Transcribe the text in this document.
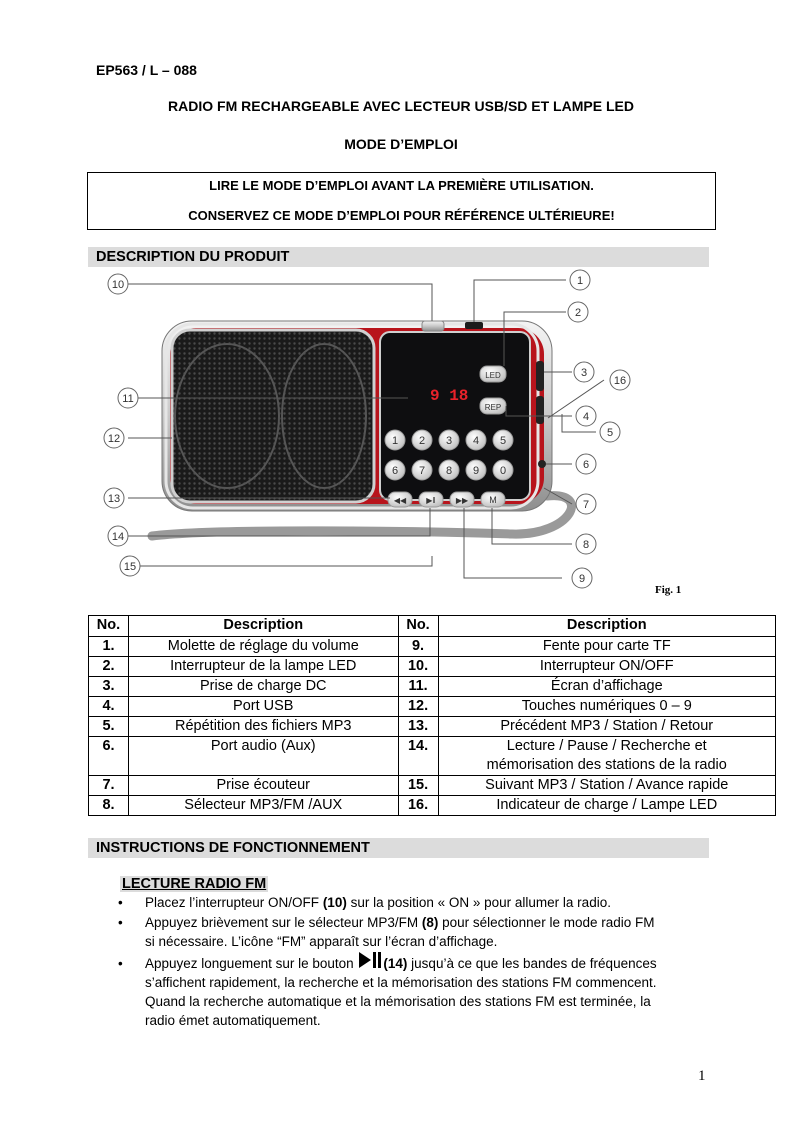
EP563 / L – 088
RADIO FM RECHARGEABLE AVEC LECTEUR USB/SD ET LAMPE LED
MODE D’EMPLOI
LIRE LE MODE D’EMPLOI AVANT LA PREMIÈRE UTILISATION.
CONSERVEZ CE MODE D’EMPLOI POUR RÉFÉRENCE ULTÉRIEURE!
DESCRIPTION DU PRODUIT
9 18
LED
REP
1 2 3 4 5
6 7 8 9 0
◀◀	▶‖	▶▶ M
1
2
3
4
5
6
7
8
9
10
11
12
13
14
15
16
Fig. 1
No.	Description	No.	Description
1.	Molette de réglage du volume	9.	Fente pour carte TF
2.	Interrupteur de la lampe LED	10.	Interrupteur ON/OFF
3.	Prise de charge DC	11.	Écran d’affichage
4.	Port USB	12.	Touches numériques 0 – 9
5.	Répétition des fichiers MP3	13.	Précédent MP3 / Station / Retour
6.	Port audio (Aux)	14.	Lecture / Pause / Recherche et
mémorisation des stations de la radio
7.	Prise écouteur	15.	Suivant MP3 / Station / Avance rapide
8.	Sélecteur MP3/FM /AUX	16.	Indicateur de charge / Lampe LED
INSTRUCTIONS DE FONCTIONNEMENT
LECTURE RADIO FM
• Placez l’interrupteur ON/OFF (10) sur la position « ON » pour allumer la radio.
• Appuyez brièvement sur le sélecteur MP3/FM (8) pour sélectionner le mode radio FM
si nécessaire. L’icône “FM” apparaît sur l’écran d’affichage.
• Appuyez longuement sur le bouton (14) jusqu’à ce que les bandes de fréquences
s’affichent rapidement, la recherche et la mémorisation des stations FM commencent.
Quand la recherche automatique et la mémorisation des stations FM est terminée, la
radio émet automatiquement.
1
